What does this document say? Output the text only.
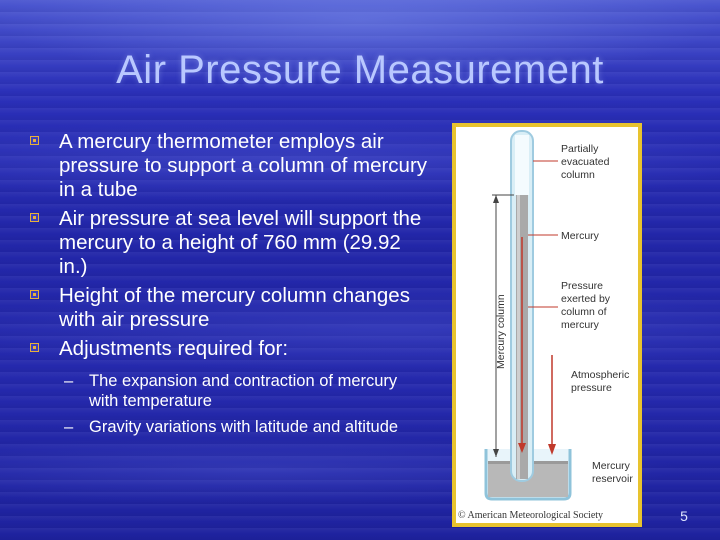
Air Pressure Measurement
A mercury thermometer employs air pressure to support a column of mercury in a tube
Air pressure at sea level will support the mercury to a height of 760 mm (29.92 in.)
Height of the mercury column changes with air pressure
Adjustments required for:
– The expansion and contraction of mercury with temperature
– Gravity variations with latitude and altitude
Partially
evacuated
column
Mercury
Pressure
exerted by
column of
mercury
Atmospheric
pressure
Mercury
reservoir
Mercury column
© American Meteorological Society	5
